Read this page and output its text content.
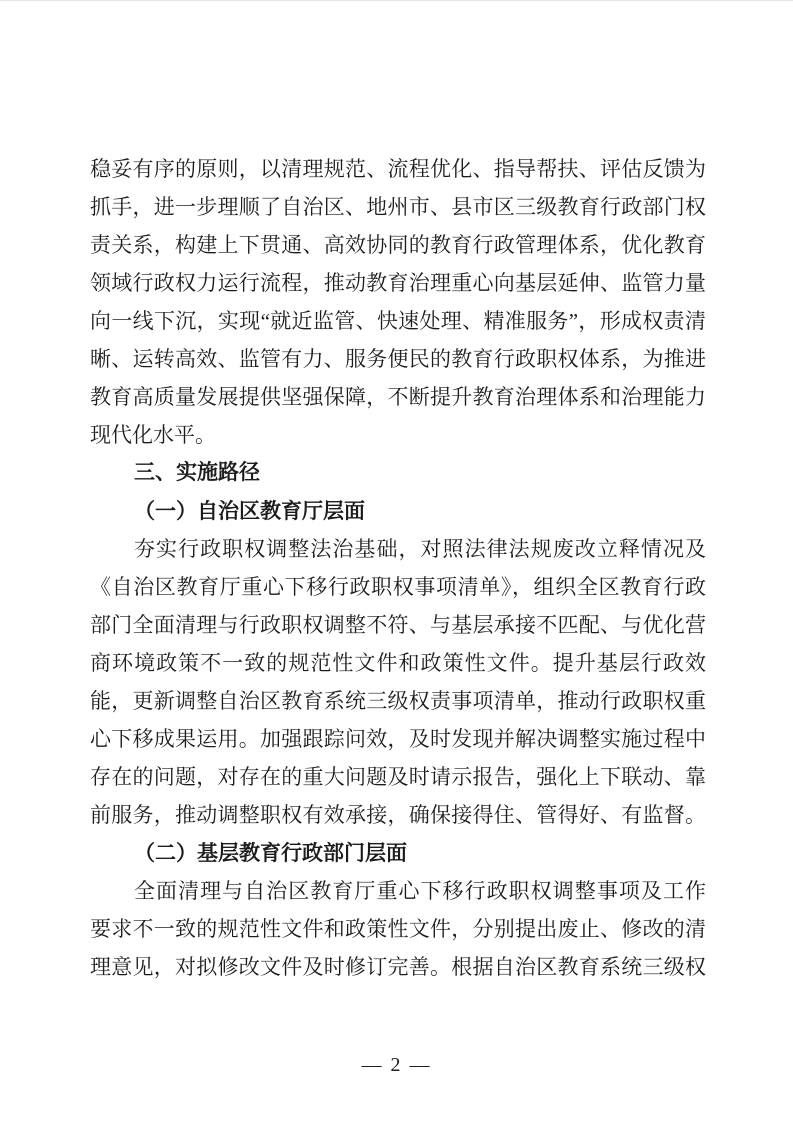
稳妥有序的原则，以清理规范、流程优化、指导帮扶、评估反馈为
抓手，进一步理顺了自治区、地州市、县市区三级教育行政部门权
责关系，构建上下贯通、高效协同的教育行政管理体系，优化教育
领域行政权力运行流程，推动教育治理重心向基层延伸、监管力量
向一线下沉，实现“就近监管、快速处理、精准服务”，形成权责清
晰、运转高效、监管有力、服务便民的教育行政职权体系，为推进
教育高质量发展提供坚强保障，不断提升教育治理体系和治理能力
现代化水平。
三、实施路径
（一）自治区教育厅层面
夯实行政职权调整法治基础，对照法律法规废改立释情况及
《自治区教育厅重心下移行政职权事项清单》，组织全区教育行政
部门全面清理与行政职权调整不符、与基层承接不匹配、与优化营
商环境政策不一致的规范性文件和政策性文件。提升基层行政效
能，更新调整自治区教育系统三级权责事项清单，推动行政职权重
心下移成果运用。加强跟踪问效，及时发现并解决调整实施过程中
存在的问题，对存在的重大问题及时请示报告，强化上下联动、靠
前服务，推动调整职权有效承接，确保接得住、管得好、有监督。
（二）基层教育行政部门层面
全面清理与自治区教育厅重心下移行政职权调整事项及工作
要求不一致的规范性文件和政策性文件，分别提出废止、修改的清
理意见，对拟修改文件及时修订完善。根据自治区教育系统三级权
— 2 —
